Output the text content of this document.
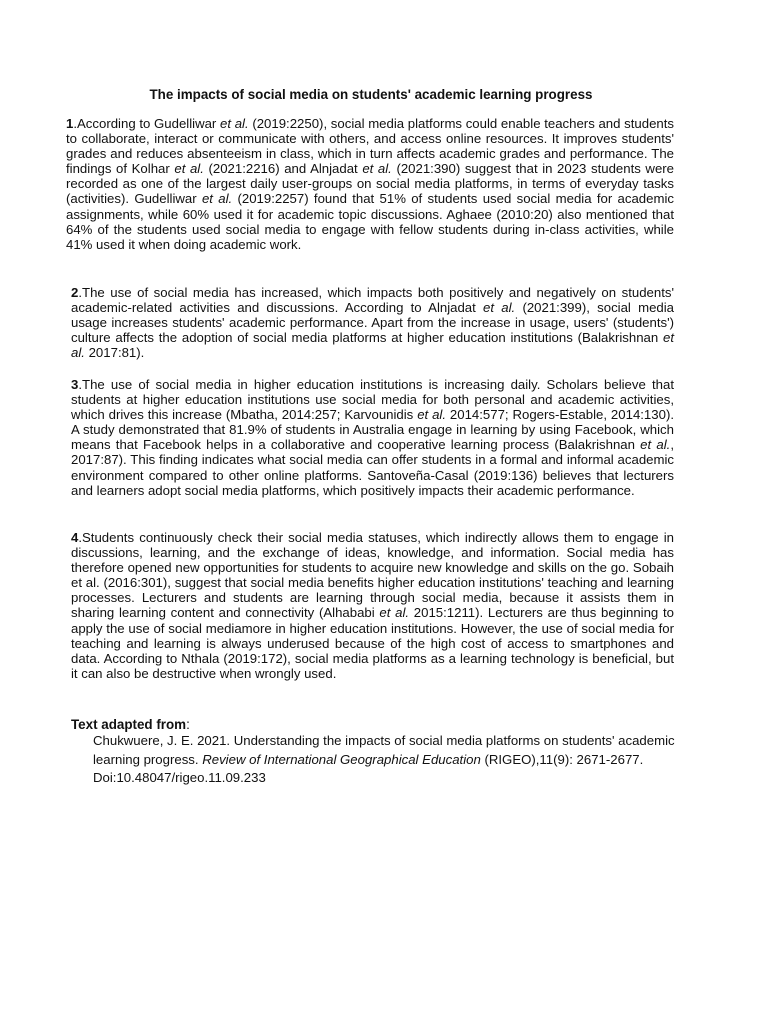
The impacts of social media on students' academic learning progress
1.According to Gudelliwar et al. (2019:2250), social media platforms could enable teachers and students to collaborate, interact or communicate with others, and access online resources. It improves students' grades and reduces absenteeism in class, which in turn affects academic grades and performance. The findings of Kolhar et al. (2021:2216) and Alnjadat et al. (2021:390) suggest that in 2023 students were recorded as one of the largest daily user-groups on social media platforms, in terms of everyday tasks (activities). Gudelliwar et al. (2019:2257) found that 51% of students used social media for academic assignments, while 60% used it for academic topic discussions. Aghaee (2010:20) also mentioned that 64% of the students used social media to engage with fellow students during in-class activities, while 41% used it when doing academic work.
2.The use of social media has increased, which impacts both positively and negatively on students' academic-related activities and discussions. According to Alnjadat et al. (2021:399), social media usage increases students' academic performance. Apart from the increase in usage, users' (students') culture affects the adoption of social media platforms at higher education institutions (Balakrishnan et al. 2017:81).
3.The use of social media in higher education institutions is increasing daily. Scholars believe that students at higher education institutions use social media for both personal and academic activities, which drives this increase (Mbatha, 2014:257; Karvounidis et al. 2014:577; Rogers-Estable, 2014:130). A study demonstrated that 81.9% of students in Australia engage in learning by using Facebook, which means that Facebook helps in a collaborative and cooperative learning process (Balakrishnan et al., 2017:87). This finding indicates what social media can offer students in a formal and informal academic environment compared to other online platforms. Santoveña-Casal (2019:136) believes that lecturers and learners adopt social media platforms, which positively impacts their academic performance.
4.Students continuously check their social media statuses, which indirectly allows them to engage in discussions, learning, and the exchange of ideas, knowledge, and information. Social media has therefore opened new opportunities for students to acquire new knowledge and skills on the go. Sobaih et al. (2016:301), suggest that social media benefits higher education institutions' teaching and learning processes. Lecturers and students are learning through social media, because it assists them in sharing learning content and connectivity (Alhababi et al. 2015:1211). Lecturers are thus beginning to apply the use of social mediamore in higher education institutions. However, the use of social media for teaching and learning is always underused because of the high cost of access to smartphones and data. According to Nthala (2019:172), social media platforms as a learning technology is beneficial, but it can also be destructive when wrongly used.
Text adapted from:
Chukwuere, J. E. 2021. Understanding the impacts of social media platforms on students' academic learning progress. Review of International Geographical Education (RIGEO),11(9): 2671-2677. Doi:10.48047/rigeo.11.09.233
